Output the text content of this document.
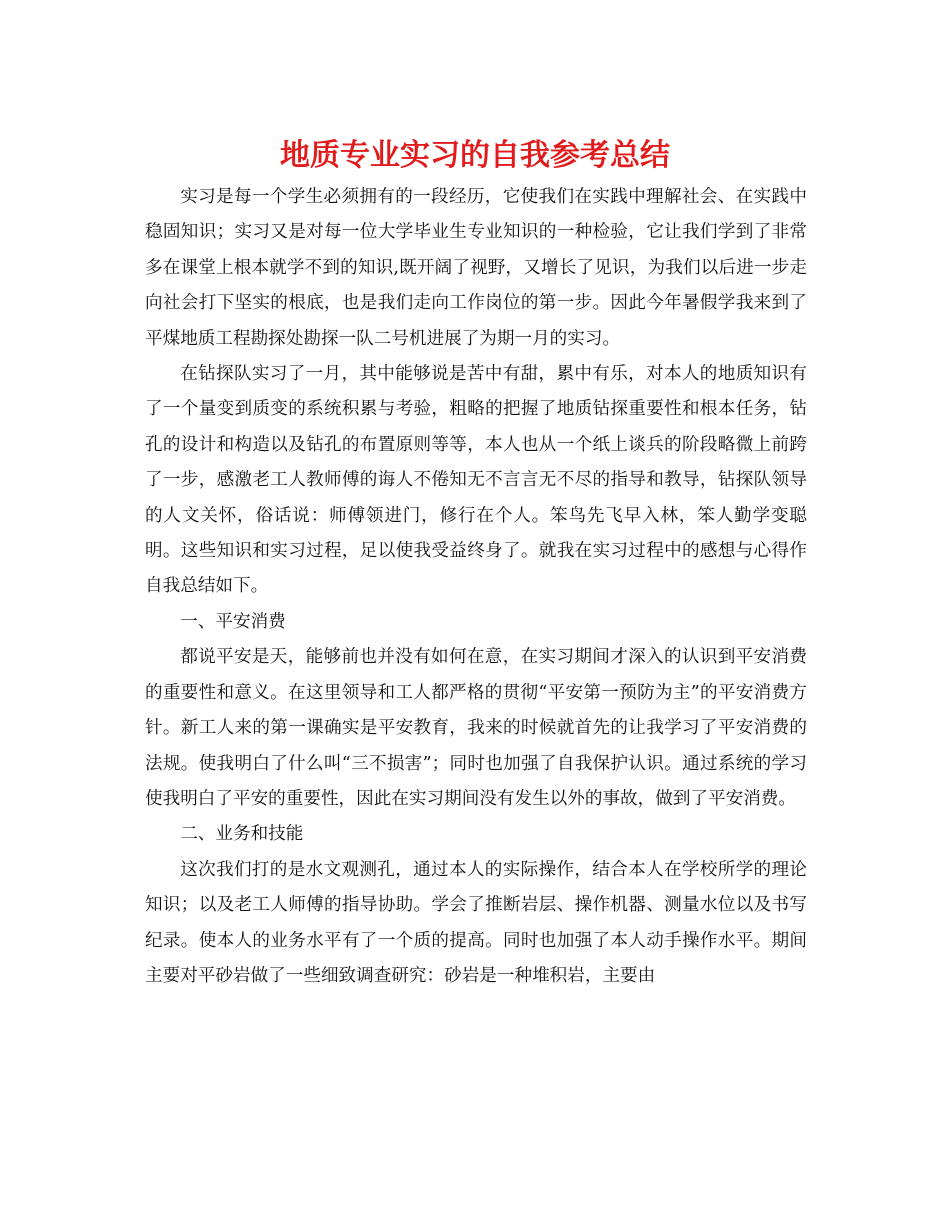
地质专业实习的自我参考总结

实习是每一个学生必须拥有的一段经历，它使我们在实践中理解社会、在实践中稳固知识；实习又是对每一位大学毕业生专业知识的一种检验，它让我们学到了非常多在课堂上根本就学不到的知识,既开阔了视野，又增长了见识，为我们以后进一步走向社会打下坚实的根底，也是我们走向工作岗位的第一步。因此今年暑假学我来到了平煤地质工程勘探处勘探一队二号机进展了为期一月的实习。

在钻探队实习了一月，其中能够说是苦中有甜，累中有乐，对本人的地质知识有了一个量变到质变的系统积累与考验，粗略的把握了地质钻探重要性和根本任务，钻孔的设计和构造以及钻孔的布置原则等等，本人也从一个纸上谈兵的阶段略微上前跨了一步，感激老工人教师傅的诲人不倦知无不言言无不尽的指导和教导，钻探队领导的人文关怀，俗话说：师傅领进门，修行在个人。笨鸟先飞早入林，笨人勤学变聪明。这些知识和实习过程，足以使我受益终身了。就我在实习过程中的感想与心得作自我总结如下。

一、平安消费

都说平安是天，能够前也并没有如何在意，在实习期间才深入的认识到平安消费的重要性和意义。在这里领导和工人都严格的贯彻“平安第一预防为主”的平安消费方针。新工人来的第一课确实是平安教育，我来的时候就首先的让我学习了平安消费的法规。使我明白了什么叫“三不损害”；同时也加强了自我保护认识。通过系统的学习使我明白了平安的重要性，因此在实习期间没有发生以外的事故，做到了平安消费。

二、业务和技能

这次我们打的是水文观测孔，通过本人的实际操作，结合本人在学校所学的理论知识；以及老工人师傅的指导协助。学会了推断岩层、操作机器、测量水位以及书写纪录。使本人的业务水平有了一个质的提高。同时也加强了本人动手操作水平。期间主要对平砂岩做了一些细致调查研究：砂岩是一种堆积岩，主要由
